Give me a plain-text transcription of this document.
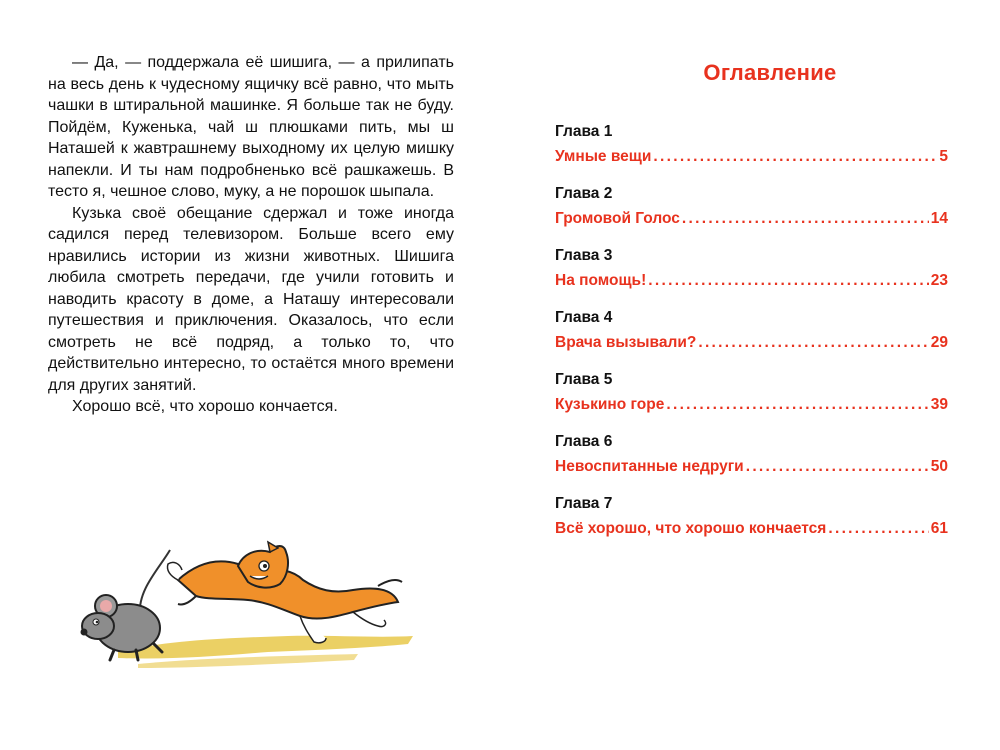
— Да, — поддержала её шишига, — а прилипать на весь день к чудесному ящичку всё равно, что мыть чашки в штиральной машинке. Я больше так не буду. Пойдём, Куженька, чай ш плюшками пить, мы ш Наташей к жавтрашнему выходному их целую мишку напекли. И ты нам подробненько всё рашкажешь. В тесто я, чешное слово, муку, а не порошок шыпала.

Кузька своё обещание сдержал и тоже иногда садился перед телевизором. Больше всего ему нравились истории из жизни животных. Шишига любила смотреть передачи, где учили готовить и наводить красоту в доме, а Наташу интересовали путешествия и приключения. Оказалось, что если смотреть не всё подряд, а только то, что действительно интересно, то остаётся много времени для других занятий.

Хорошо всё, что хорошо кончается.

Оглавление
Глава 1
Умные вещи . . .	5
Глава 2
Громовой Голос . . .	14
Глава 3
На помощь! . . .	23
Глава 4
Врача вызывали? . . .	29
Глава 5
Кузькино горе . . .	39
Глава 6
Невоспитанные недруги . . .	50
Глава 7
Всё хорошо, что хорошо кончается . . .	61
